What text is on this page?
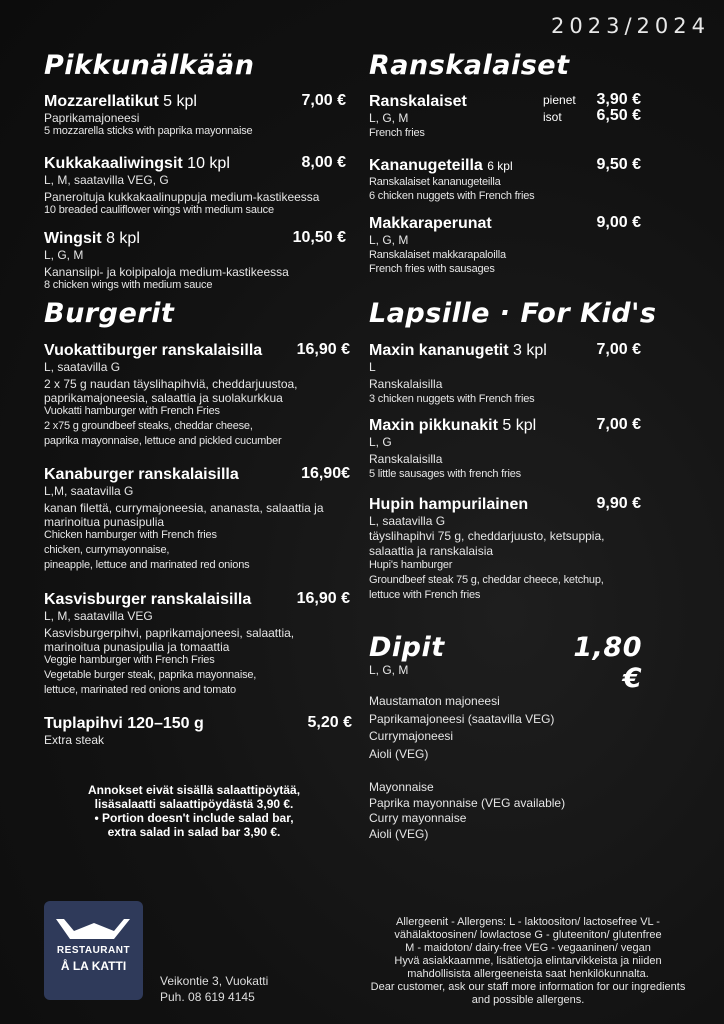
2023/2024
Pikkunälkään
Mozzarellatikut 5 kpl	7,00 €
Paprikamajoneesi
5 mozzarella sticks with paprika mayonnaise
Kukkakaaliwingsit 10 kpl	8,00 €
L, M, saatavilla VEG, G
Paneroituja kukkakaalinuppuja medium-kastikeessa
10 breaded cauliflower wings with medium sauce
Wingsit 8 kpl	10,50 €
L, G, M
Kanansiipi- ja koipipaloja medium-kastikeessa
8 chicken wings with medium sauce
Burgerit
Vuokattiburger ranskalaisilla	16,90 €
L, saatavilla G
2 x 75 g naudan täyslihapihviä, cheddarjuustoa,
paprikamajoneesia, salaattia ja suolakurkkua
Vuokatti hamburger with French Fries
2 x75 g groundbeef steaks, cheddar cheese,
paprika mayonnaise, lettuce and pickled cucumber
Kanaburger ranskalaisilla	16,90€
L,M, saatavilla G
kanan filettä, currymajoneesia, ananasta, salaattia ja
marinoitua punasipulia
Chicken hamburger with French fries
chicken, currymayonnaise,
pineapple, lettuce and marinated red onions
Kasvisburger ranskalaisilla	16,90 €
L, M, saatavilla VEG
Kasvisburgerpihvi, paprikamajoneesi, salaattia,
marinoitua punasipulia ja tomaattia
Veggie hamburger with French Fries
Vegetable burger steak, paprika mayonnaise,
lettuce, marinated red onions and tomato
Tuplapihvi 120–150 g	5,20 €
Extra steak
Annokset eivät sisällä salaattipöytää,
lisäsalaatti salaattipöydästä 3,90 €.
• Portion doesn't include salad bar,
extra salad in salad bar 3,90 €.
Ranskalaiset
Ranskalaiset
L, G, M
French fries
pienet 3,90 €
isot 6,50 €
Kananugeteilla 6 kpl	9,50 €
Ranskalaiset kananugeteilla
6 chicken nuggets with French fries
Makkaraperunat	9,00 €
L, G, M
Ranskalaiset makkarapaloilla
French fries with sausages
Lapsille · For Kid's
Maxin kananugetit 3 kpl	7,00 €
L
Ranskalaisilla
3 chicken nuggets with French fries
Maxin pikkunakit 5 kpl	7,00 €
L, G
Ranskalaisilla
5 little sausages with french fries
Hupin hampurilainen	9,90 €
L, saatavilla G
täyslihapihvi 75 g, cheddarjuusto, ketsuppia,
salaattia ja ranskalaisia
Hupi's hamburger
Groundbeef steak 75 g, cheddar cheece, ketchup,
lettuce with French fries
Dipit	1,80 €
L, G, M
Maustamaton majoneesi
Paprikamajoneesi (saatavilla VEG)
Currymajoneesi
Aioli (VEG)
Mayonnaise
Paprika mayonnaise (VEG available)
Curry mayonnaise
Aioli (VEG)
RESTAURANT
Å LA KATTI
Veikontie 3, Vuokatti
Puh. 08 619 4145
Allergeenit - Allergens: L - laktoositon/ lactosefree VL -
vähälaktoosinen/ lowlactose G - gluteeniton/ glutenfree
M - maidoton/ dairy-free VEG - vegaaninen/ vegan
Hyvä asiakkaamme, lisätietoja elintarvikkeista ja niiden
mahdollisista allergeeneista saat henkilökunnalta.
Dear customer, ask our staff more information for our ingredients
and possible allergens.
